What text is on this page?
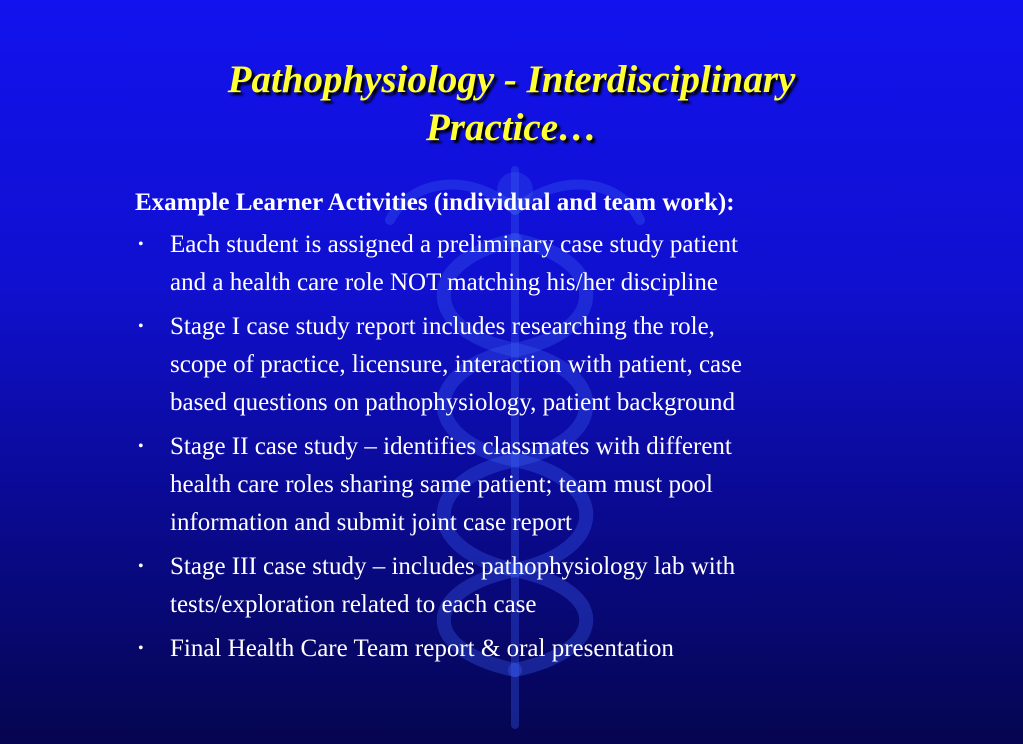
Pathophysiology - Interdisciplinary
Practice…
Example Learner Activities (individual and team work):
• Each student is assigned a preliminary case study patient
and a health care role NOT matching his/her discipline
• Stage I case study report includes researching the role,
scope of practice, licensure, interaction with patient, case
based questions on pathophysiology, patient background
• Stage II case study – identifies classmates with different
health care roles sharing same patient; team must pool
information and submit joint case report
• Stage III case study – includes pathophysiology lab with
tests/exploration related to each case
• Final Health Care Team report & oral presentation
